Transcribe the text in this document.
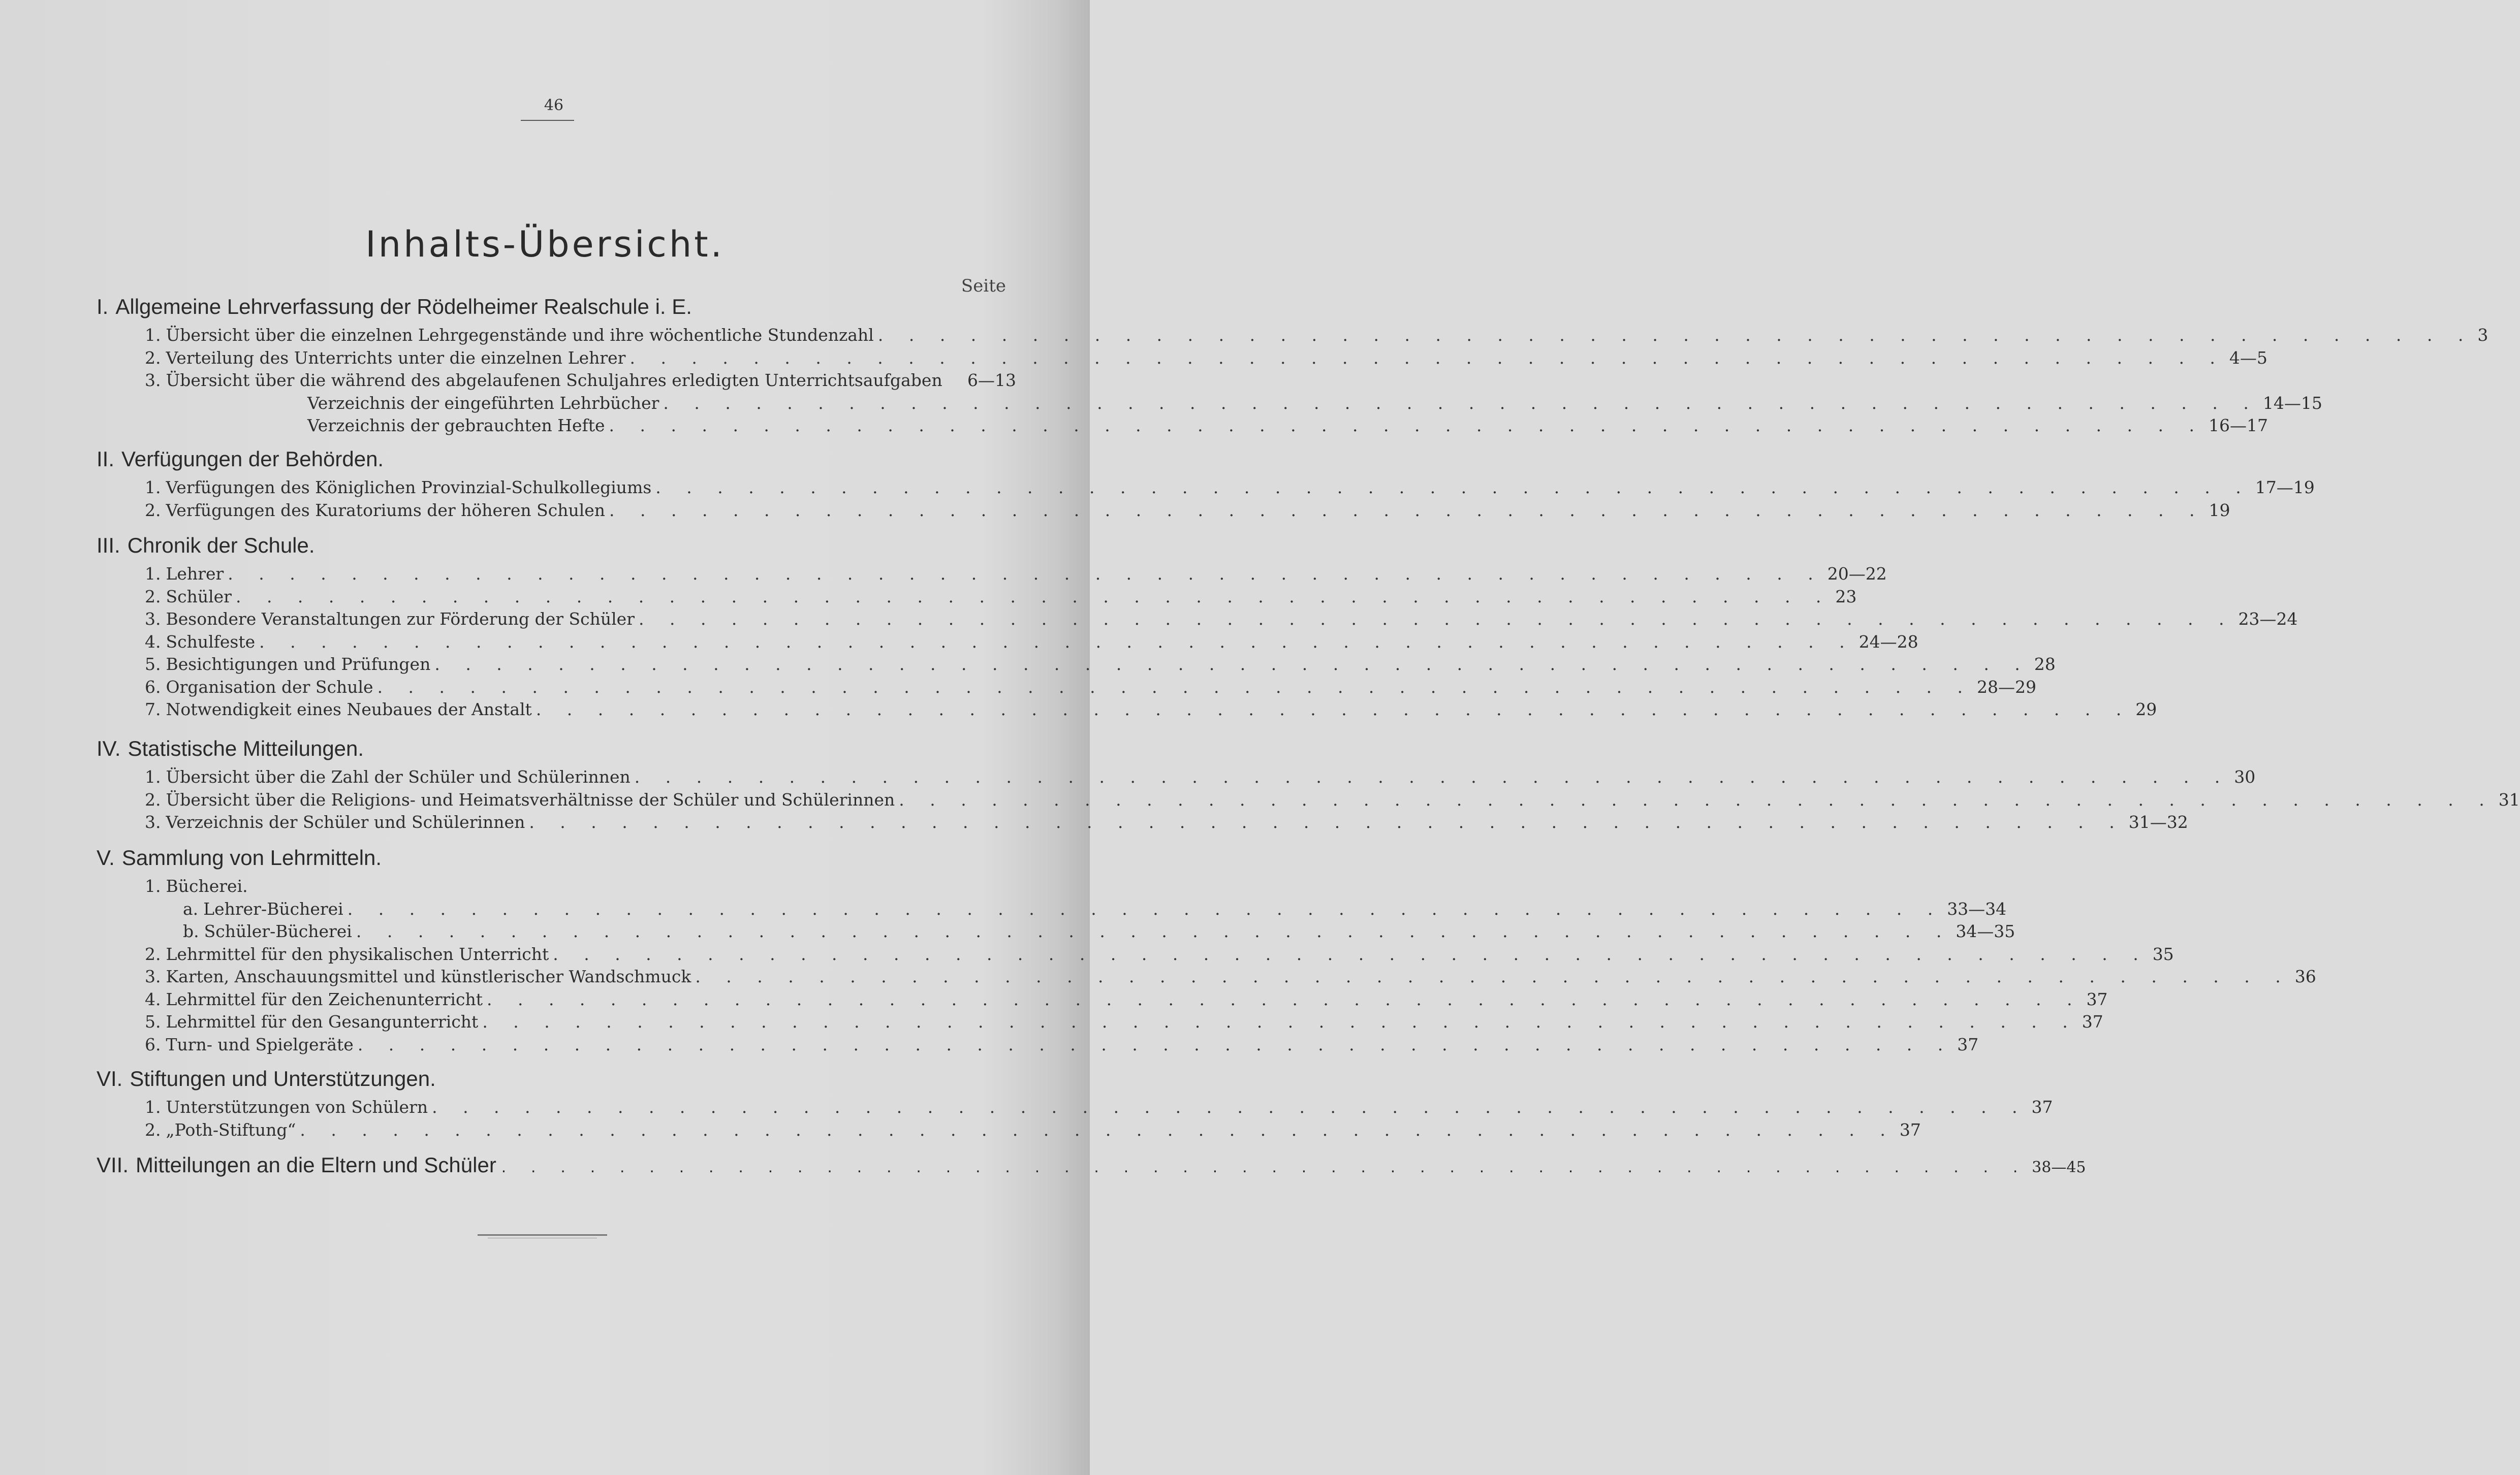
46
Inhalts-Übersicht.
Seite
I. Allgemeine Lehrverfassung der Rödelheimer Realschule i. E.
1. Übersicht über die einzelnen Lehrgegenstände und ihre wöchentliche Stundenzahl . . . . . . . . . . . . . . . . . . . . . . . . . . . . . . . . . . . . . . . . . . . . . . . . . . . . 3
2. Verteilung des Unterrichts unter die einzelnen Lehrer . . . . . . . . . . . . . . . . . . . . . . . . . . . . . . . . . . . . . . . . . . . . . . . . . . . . 4—5
3. Übersicht über die während des abgelaufenen Schuljahres erledigten Unterrichtsaufgaben	6—13
Verzeichnis der eingeführten Lehrbücher . . . . . . . . . . . . . . . . . . . . . . . . . . . . . . . . . . . . . . . . . . . . . . . . . . . . 14—15
Verzeichnis der gebrauchten Hefte . . . . . . . . . . . . . . . . . . . . . . . . . . . . . . . . . . . . . . . . . . . . . . . . . . . . 16—17
II. Verfügungen der Behörden.
1. Verfügungen des Königlichen Provinzial-Schulkollegiums . . . . . . . . . . . . . . . . . . . . . . . . . . . . . . . . . . . . . . . . . . . . . . . . . . . . 17—19
2. Verfügungen des Kuratoriums der höheren Schulen . . . . . . . . . . . . . . . . . . . . . . . . . . . . . . . . . . . . . . . . . . . . . . . . . . . . 19
III. Chronik der Schule.
1. Lehrer . . . . . . . . . . . . . . . . . . . . . . . . . . . . . . . . . . . . . . . . . . . . . . . . . . . . 20—22
2. Schüler . . . . . . . . . . . . . . . . . . . . . . . . . . . . . . . . . . . . . . . . . . . . . . . . . . . . 23
3. Besondere Veranstaltungen zur Förderung der Schüler . . . . . . . . . . . . . . . . . . . . . . . . . . . . . . . . . . . . . . . . . . . . . . . . . . . . 23—24
4. Schulfeste . . . . . . . . . . . . . . . . . . . . . . . . . . . . . . . . . . . . . . . . . . . . . . . . . . . . 24—28
5. Besichtigungen und Prüfungen . . . . . . . . . . . . . . . . . . . . . . . . . . . . . . . . . . . . . . . . . . . . . . . . . . . . 28
6. Organisation der Schule . . . . . . . . . . . . . . . . . . . . . . . . . . . . . . . . . . . . . . . . . . . . . . . . . . . . 28—29
7. Notwendigkeit eines Neubaues der Anstalt . . . . . . . . . . . . . . . . . . . . . . . . . . . . . . . . . . . . . . . . . . . . . . . . . . . . 29
IV. Statistische Mitteilungen.
1. Übersicht über die Zahl der Schüler und Schülerinnen . . . . . . . . . . . . . . . . . . . . . . . . . . . . . . . . . . . . . . . . . . . . . . . . . . . . 30
2. Übersicht über die Religions- und Heimatsverhältnisse der Schüler und Schülerinnen . . . . . . . . . . . . . . . . . . . . . . . . . . . . . . . . . . . . . . . . . . . . . . . . . . . . 31
3. Verzeichnis der Schüler und Schülerinnen . . . . . . . . . . . . . . . . . . . . . . . . . . . . . . . . . . . . . . . . . . . . . . . . . . . . 31—32
V. Sammlung von Lehrmitteln.
1. Bücherei.
a. Lehrer-Bücherei . . . . . . . . . . . . . . . . . . . . . . . . . . . . . . . . . . . . . . . . . . . . . . . . . . . . 33—34
b. Schüler-Bücherei . . . . . . . . . . . . . . . . . . . . . . . . . . . . . . . . . . . . . . . . . . . . . . . . . . . . 34—35
2. Lehrmittel für den physikalischen Unterricht . . . . . . . . . . . . . . . . . . . . . . . . . . . . . . . . . . . . . . . . . . . . . . . . . . . . 35
3. Karten, Anschauungsmittel und künstlerischer Wandschmuck . . . . . . . . . . . . . . . . . . . . . . . . . . . . . . . . . . . . . . . . . . . . . . . . . . . . 36
4. Lehrmittel für den Zeichenunterricht . . . . . . . . . . . . . . . . . . . . . . . . . . . . . . . . . . . . . . . . . . . . . . . . . . . . 37
5. Lehrmittel für den Gesangunterricht . . . . . . . . . . . . . . . . . . . . . . . . . . . . . . . . . . . . . . . . . . . . . . . . . . . . 37
6. Turn- und Spielgeräte . . . . . . . . . . . . . . . . . . . . . . . . . . . . . . . . . . . . . . . . . . . . . . . . . . . . 37
VI. Stiftungen und Unterstützungen.
1. Unterstützungen von Schülern . . . . . . . . . . . . . . . . . . . . . . . . . . . . . . . . . . . . . . . . . . . . . . . . . . . . 37
2. „Poth-Stiftung“ . . . . . . . . . . . . . . . . . . . . . . . . . . . . . . . . . . . . . . . . . . . . . . . . . . . . 37
VII. Mitteilungen an die Eltern und Schüler . . . . . . . . . . . . . . . . . . . . . . . . . . . . . . . . . . . . . . . . . . . . . . . . . . . . 38—45
